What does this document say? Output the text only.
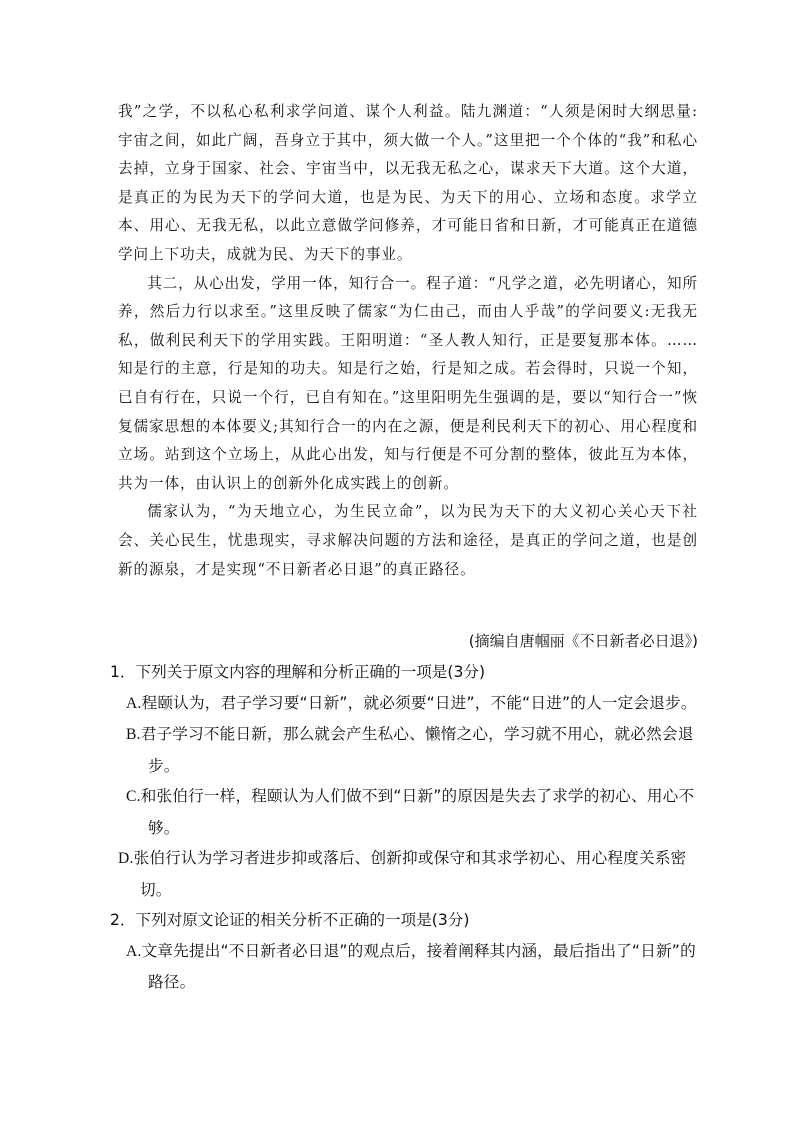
我”之学，不以私心私利求学问道、谋个人利益。陆九渊道：“人须是闲时大纲思量:宇宙之间，如此广阔，吾身立于其中，须大做一个人。”这里把一个个体的“我”和私心去掉，立身于国家、社会、宇宙当中，以无我无私之心，谋求天下大道。这个大道，是真正的为民为天下的学问大道，也是为民、为天下的用心、立场和态度。求学立本、用心、无我无私，以此立意做学问修养，才可能日省和日新，才可能真正在道德学问上下功夫，成就为民、为天下的事业。

其二，从心出发，学用一体，知行合一。程子道：“凡学之道，必先明诸心，知所养，然后力行以求至。”这里反映了儒家“为仁由己，而由人乎哉”的学问要义:无我无私，做利民利天下的学用实践。王阳明道：“圣人教人知行，正是要复那本体。……知是行的主意，行是知的功夫。知是行之始，行是知之成。若会得时，只说一个知，已自有行在，只说一个行，已自有知在。”这里阳明先生强调的是，要以“知行合一”恢复儒家思想的本体要义;其知行合一的内在之源，便是利民利天下的初心、用心程度和立场。站到这个立场上，从此心出发，知与行便是不可分割的整体，彼此互为本体，共为一体，由认识上的创新外化成实践上的创新。

儒家认为，“为天地立心，为生民立命”，以为民为天下的大义初心关心天下社会、关心民生，忧患现实，寻求解决问题的方法和途径，是真正的学问之道，也是创新的源泉，才是实现“不日新者必日退”的真正路径。

(摘编自唐帼丽《不日新者必日退》)
1．下列关于原文内容的理解和分析正确的一项是(3分)
A.程颐认为，君子学习要“日新”，就必须要“日进”，不能“日进”的人一定会退步。
B.君子学习不能日新，那么就会产生私心、懒惰之心，学习就不用心，就必然会退步。
C.和张伯行一样，程颐认为人们做不到“日新”的原因是失去了求学的初心、用心不够。
D.张伯行认为学习者进步抑或落后、创新抑或保守和其求学初心、用心程度关系密切。
2．下列对原文论证的相关分析不正确的一项是(3分)
A.文章先提出“不日新者必日退”的观点后，接着阐释其内涵，最后指出了“日新”的路径。
